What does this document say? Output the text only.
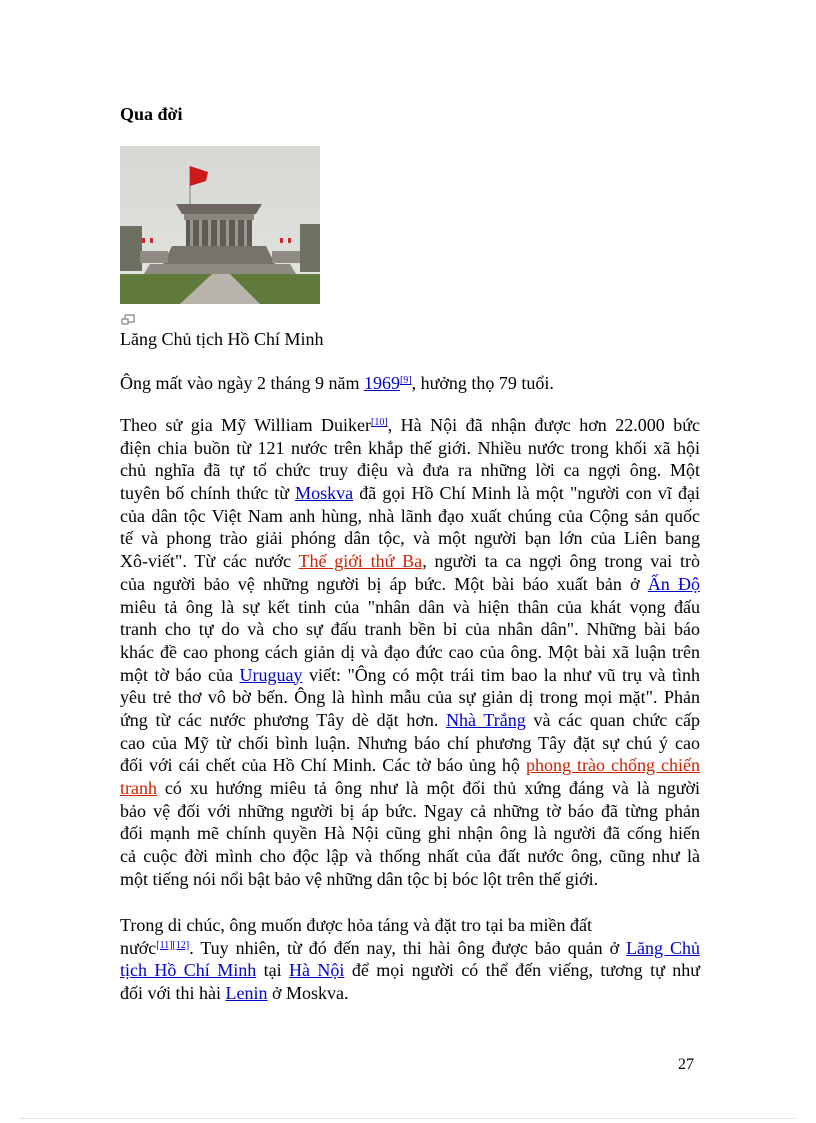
Qua đời
Lăng Chủ tịch Hồ Chí Minh
Ông mất vào ngày 2 tháng 9 năm 1969[9], hưởng thọ 79 tuổi.
Theo sử gia Mỹ William Duiker[10], Hà Nội đã nhận được hơn 22.000 bức
điện chia buồn từ 121 nước trên khắp thế giới. Nhiều nước trong khối xã hội
chủ nghĩa đã tự tổ chức truy điệu và đưa ra những lời ca ngợi ông. Một
tuyên bố chính thức từ Moskva đã gọi Hồ Chí Minh là một "người con vĩ đại
của dân tộc Việt Nam anh hùng, nhà lãnh đạo xuất chúng của Cộng sản quốc
tế và phong trào giải phóng dân tộc, và một người bạn lớn của Liên bang
Xô-viết". Từ các nước Thế giới thứ Ba, người ta ca ngợi ông trong vai trò
của người bảo vệ những người bị áp bức. Một bài báo xuất bản ở Ấn Độ
miêu tả ông là sự kết tinh của "nhân dân và hiện thân của khát vọng đấu
tranh cho tự do và cho sự đấu tranh bền bỉ của nhân dân". Những bài báo
khác đề cao phong cách giản dị và đạo đức cao của ông. Một bài xã luận trên
một tờ báo của Uruguay viết: "Ông có một trái tim bao la như vũ trụ và tình
yêu trẻ thơ vô bờ bến. Ông là hình mẫu của sự giản dị trong mọi mặt". Phản
ứng từ các nước phương Tây dè dặt hơn. Nhà Trắng và các quan chức cấp
cao của Mỹ từ chối bình luận. Nhưng báo chí phương Tây đặt sự chú ý cao
đối với cái chết của Hồ Chí Minh. Các tờ báo ủng hộ phong trào chống chiến
tranh có xu hướng miêu tả ông như là một đối thủ xứng đáng và là người
bảo vệ đối với những người bị áp bức. Ngay cả những tờ báo đã từng phản
đối mạnh mẽ chính quyền Hà Nội cũng ghi nhận ông là người đã cống hiến
cả cuộc đời mình cho độc lập và thống nhất của đất nước ông, cũng như là
một tiếng nói nổi bật bảo vệ những dân tộc bị bóc lột trên thế giới.
Trong di chúc, ông muốn được hỏa táng và đặt tro tại ba miền đất
nước[11][12]. Tuy nhiên, từ đó đến nay, thi hài ông được bảo quản ở Lăng Chủ
tịch Hồ Chí Minh tại Hà Nội để mọi người có thể đến viếng, tương tự như
đối với thi hài Lenin ở Moskva.
27
